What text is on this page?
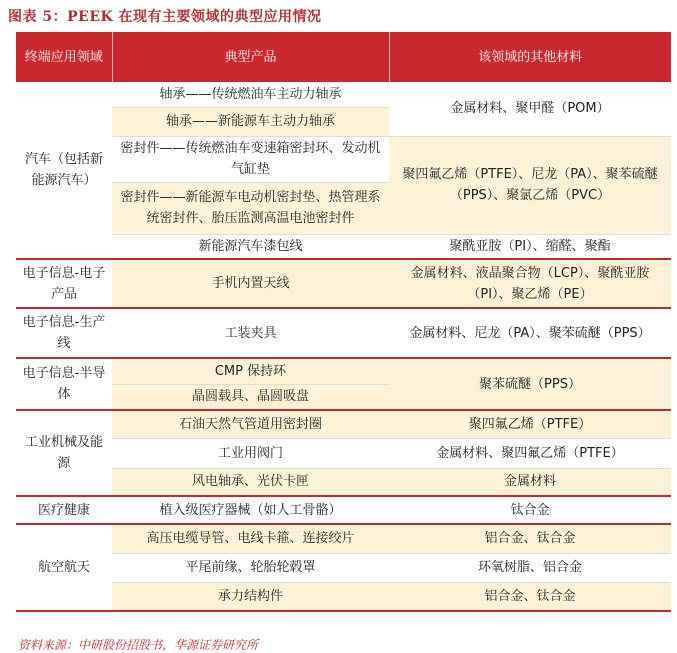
图表 5：PEEK 在现有主要领域的典型应用情况
终端应用领域	典型产品	该领域的其他材料
汽车（包括新能源汽车）	轴承——传统燃油车主动力轴承	金属材料、聚甲醛（POM）
	轴承——新能源车主动力轴承	
	密封件——传统燃油车变速箱密封环、发动机气缸垫	聚四氟乙烯（PTFE）、尼龙（PA）、聚苯硫醚（PPS）、聚氯乙烯（PVC）
	密封件——新能源车电动机密封垫、热管理系统密封件、胎压监测高温电池密封件	
	新能源汽车漆包线	聚酰亚胺（PI）、缩醛、聚酯
电子信息-电子产品	手机内置天线	金属材料、液晶聚合物（LCP）、聚酰亚胺（PI）、聚乙烯（PE）
电子信息-生产线	工装夹具	金属材料、尼龙（PA）、聚苯硫醚（PPS）
电子信息-半导体	CMP 保持环	聚苯硫醚（PPS）
	晶圆载具、晶圆吸盘	
工业机械及能源	石油天然气管道用密封圈	聚四氟乙烯（PTFE）
	工业用阀门	金属材料、聚四氟乙烯（PTFE）
	风电轴承、光伏卡匣	金属材料
医疗健康	植入级医疗器械（如人工骨骼）	钛合金
航空航天	高压电缆导管、电线卡箍、连接绞片	铝合金、钛合金
	平尾前缘、轮胎轮毂罩	环氧树脂、铝合金
	承力结构件	铝合金、钛合金
资料来源：中研股份招股书，华源证券研究所
